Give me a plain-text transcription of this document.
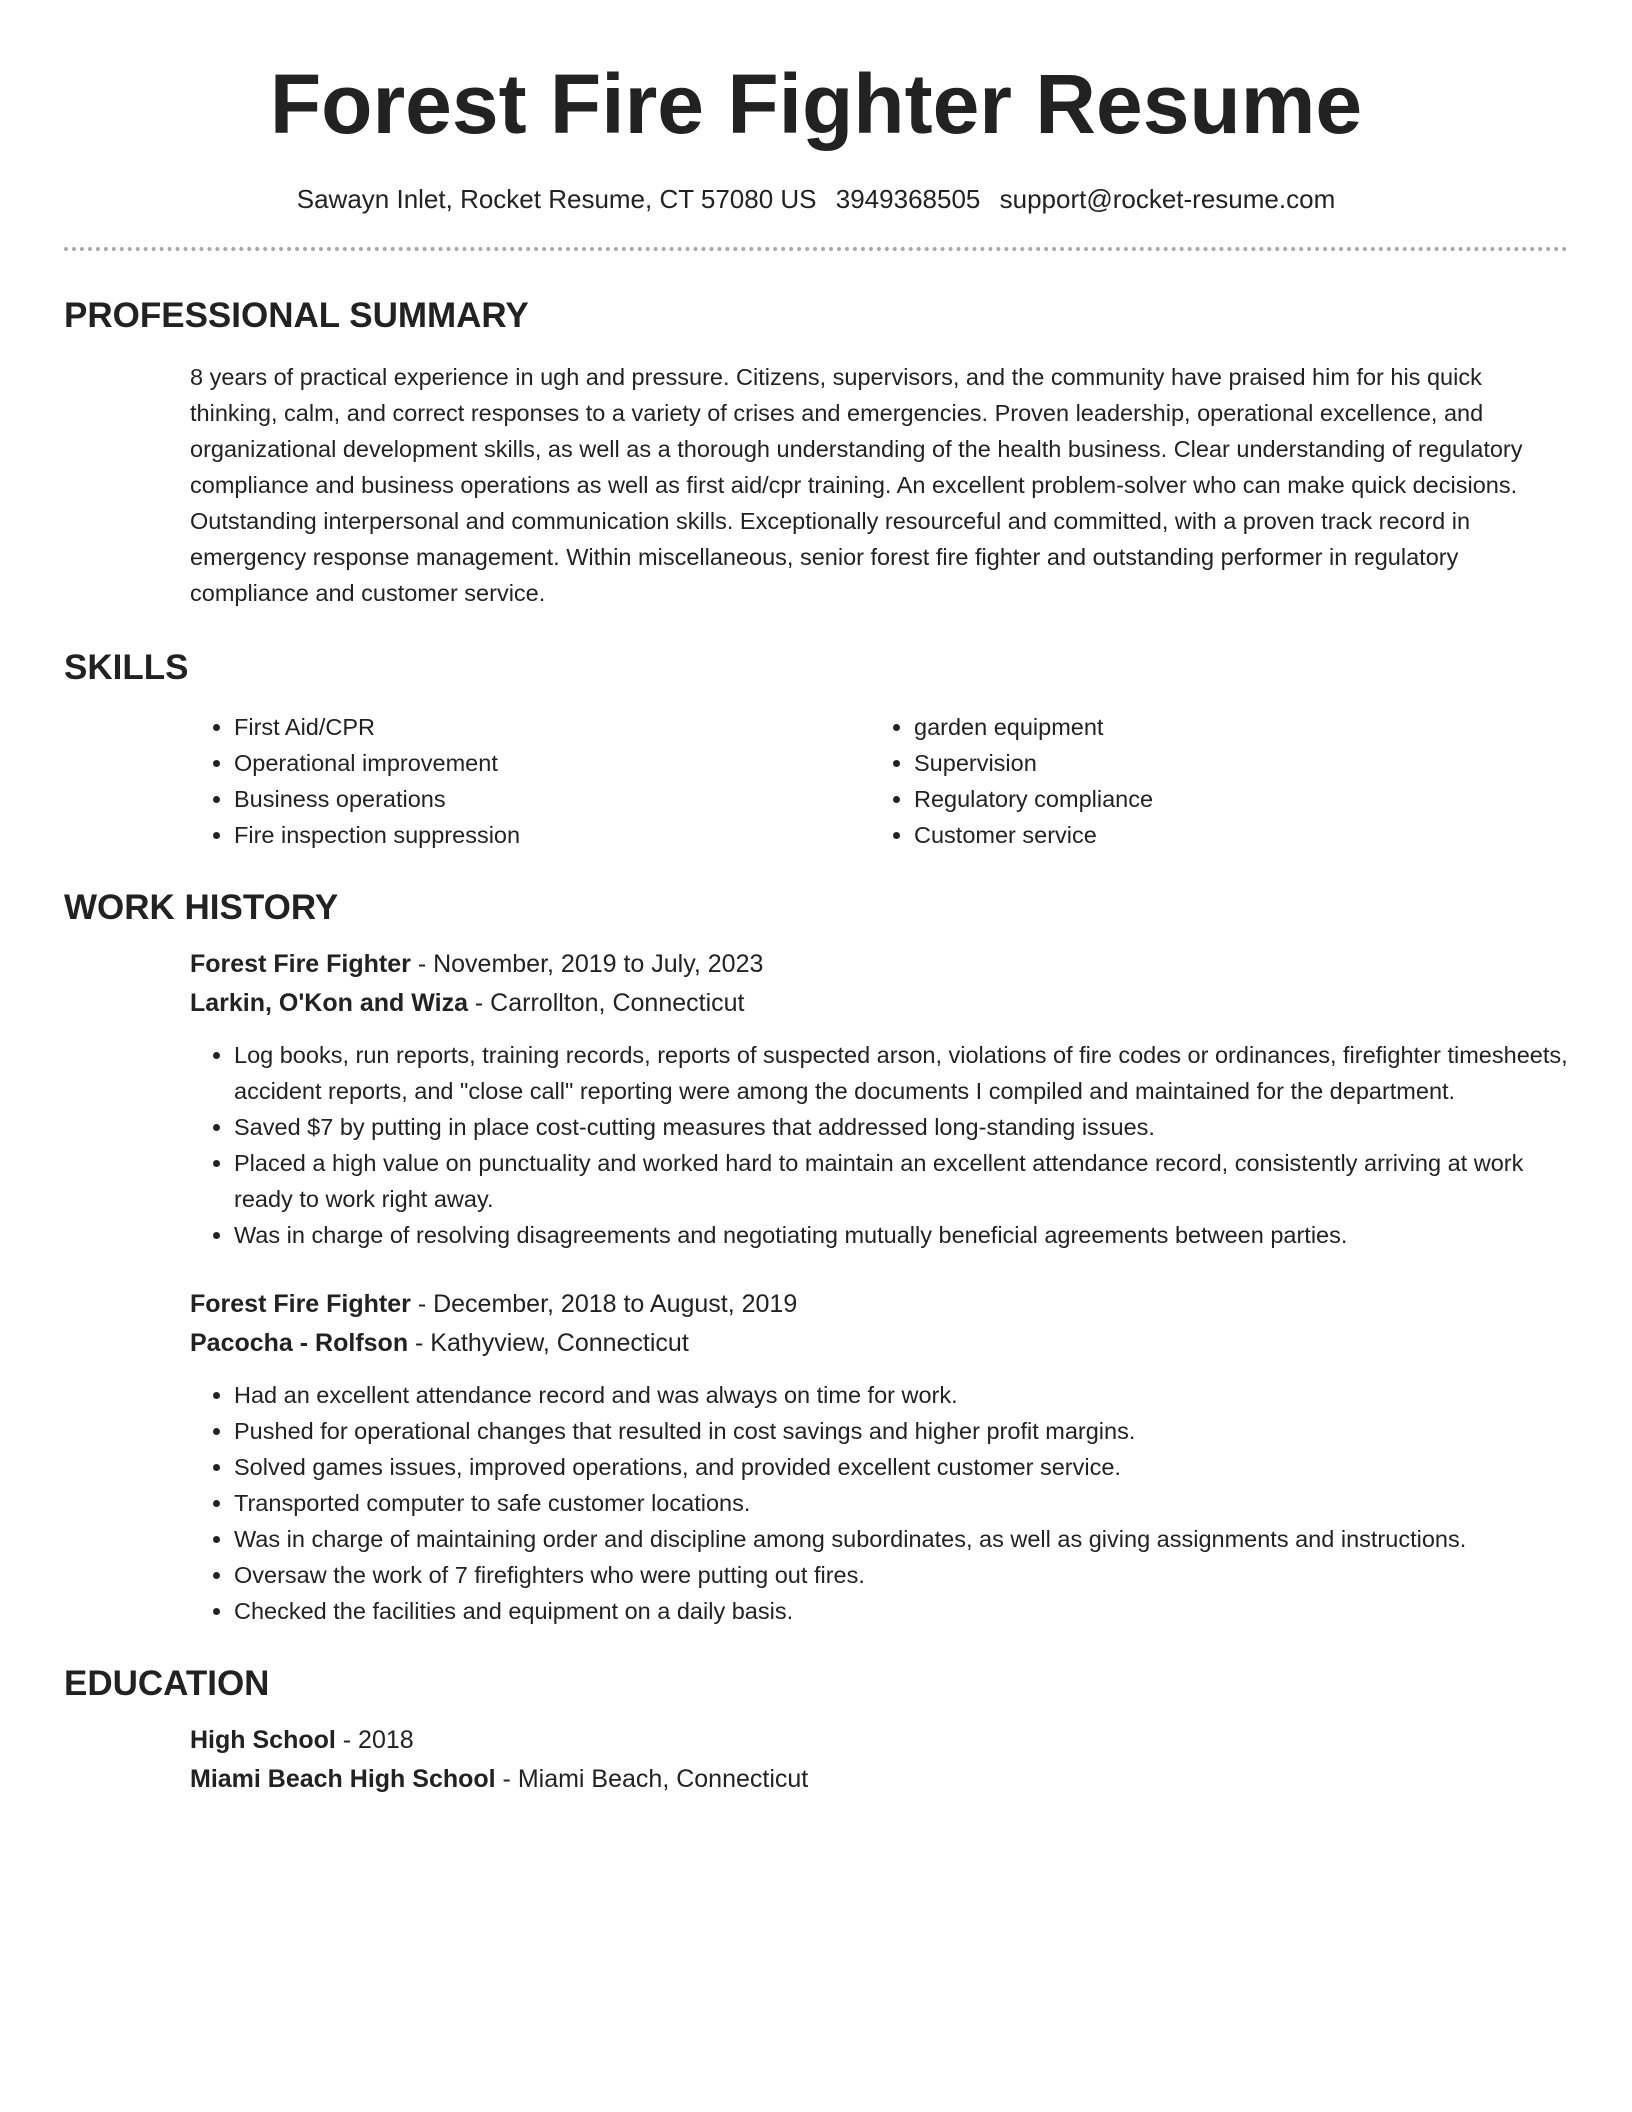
Forest Fire Fighter Resume
Sawayn Inlet, Rocket Resume, CT 57080 US 3949368505 support@rocket-resume.com
PROFESSIONAL SUMMARY

8 years of practical experience in ugh and pressure. Citizens, supervisors, and the community have praised him for his quick thinking, calm, and correct responses to a variety of crises and emergencies. Proven leadership, operational excellence, and organizational development skills, as well as a thorough understanding of the health business. Clear understanding of regulatory compliance and business operations as well as first aid/cpr training. An excellent problem-solver who can make quick decisions. Outstanding interpersonal and communication skills. Exceptionally resourceful and committed, with a proven track record in emergency response management. Within miscellaneous, senior forest fire fighter and outstanding performer in regulatory compliance and customer service.

SKILLS
• First Aid/CPR
• Operational improvement
• Business operations
• Fire inspection suppression
• garden equipment
• Supervision
• Regulatory compliance
• Customer service
WORK HISTORY
Forest Fire Fighter - November, 2019 to July, 2023
Larkin, O'Kon and Wiza - Carrollton, Connecticut
• Log books, run reports, training records, reports of suspected arson, violations of fire codes or ordinances, firefighter timesheets, accident reports, and "close call" reporting were among the documents I compiled and maintained for the department.
• Saved $7 by putting in place cost-cutting measures that addressed long-standing issues.
• Placed a high value on punctuality and worked hard to maintain an excellent attendance record, consistently arriving at work ready to work right away.
• Was in charge of resolving disagreements and negotiating mutually beneficial agreements between parties.
Forest Fire Fighter - December, 2018 to August, 2019
Pacocha - Rolfson - Kathyview, Connecticut
• Had an excellent attendance record and was always on time for work.
• Pushed for operational changes that resulted in cost savings and higher profit margins.
• Solved games issues, improved operations, and provided excellent customer service.
• Transported computer to safe customer locations.
• Was in charge of maintaining order and discipline among subordinates, as well as giving assignments and instructions.
• Oversaw the work of 7 firefighters who were putting out fires.
• Checked the facilities and equipment on a daily basis.
EDUCATION
High School - 2018
Miami Beach High School - Miami Beach, Connecticut
